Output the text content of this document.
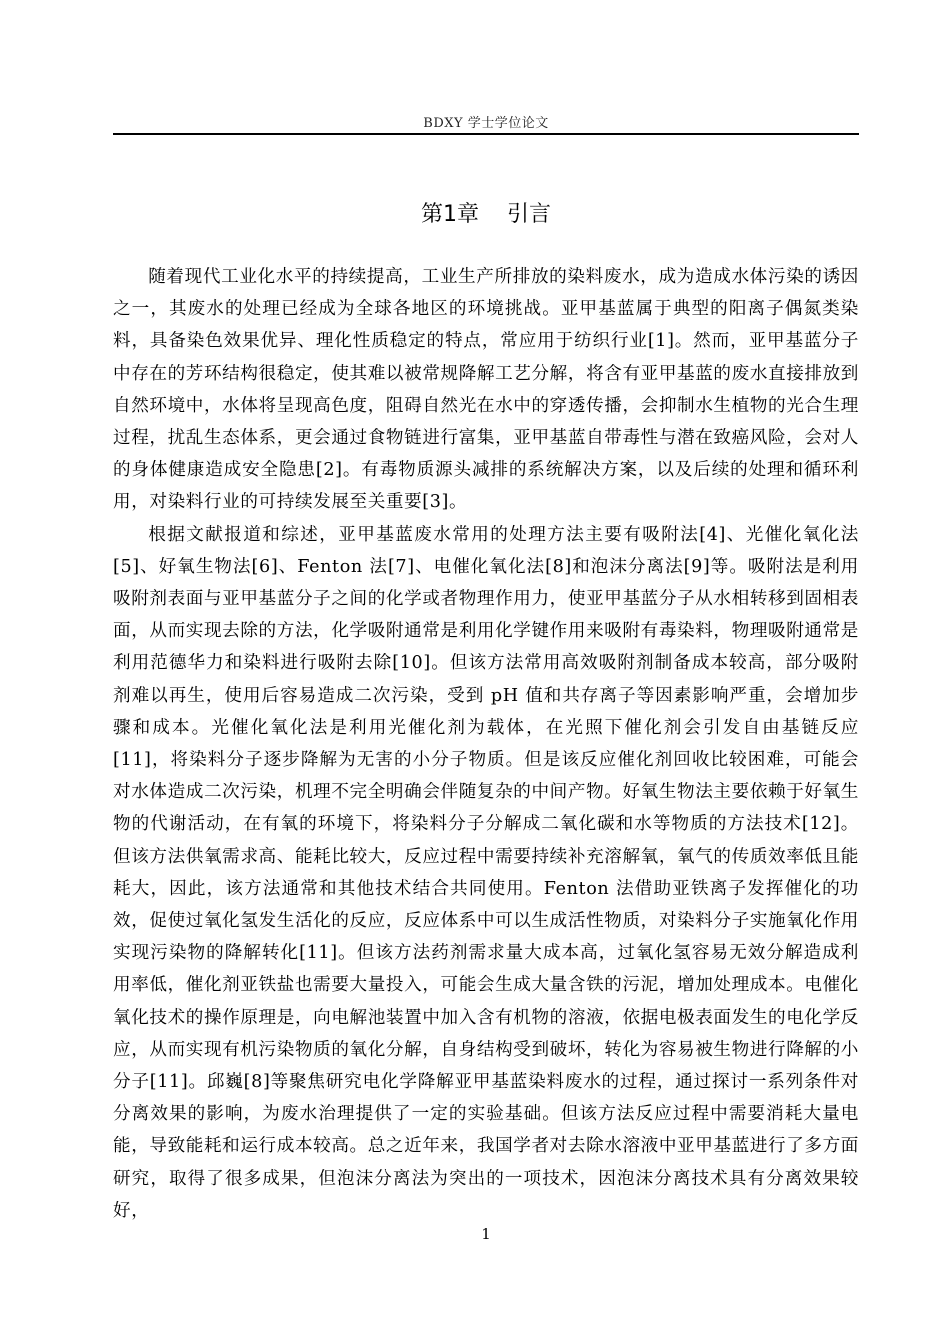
BDXY 学士学位论文
第1章 引言

随着现代工业化水平的持续提高，工业生产所排放的染料废水，成为造成水体污染的诱因之一，其废水的处理已经成为全球各地区的环境挑战。亚甲基蓝属于典型的阳离子偶氮类染料，具备染色效果优异、理化性质稳定的特点，常应用于纺织行业[1]。然而，亚甲基蓝分子中存在的芳环结构很稳定，使其难以被常规降解工艺分解，将含有亚甲基蓝的废水直接排放到自然环境中，水体将呈现高色度，阻碍自然光在水中的穿透传播，会抑制水生植物的光合生理过程，扰乱生态体系，更会通过食物链进行富集，亚甲基蓝自带毒性与潜在致癌风险，会对人的身体健康造成安全隐患[2]。有毒物质源头减排的系统解决方案，以及后续的处理和循环利用，对染料行业的可持续发展至关重要[3]。

根据文献报道和综述，亚甲基蓝废水常用的处理方法主要有吸附法[4]、光催化氧化法[5]、好氧生物法[6]、Fenton 法[7]、电催化氧化法[8]和泡沫分离法[9]等。吸附法是利用吸附剂表面与亚甲基蓝分子之间的化学或者物理作用力，使亚甲基蓝分子从水相转移到固相表面，从而实现去除的方法，化学吸附通常是利用化学键作用来吸附有毒染料，物理吸附通常是利用范德华力和染料进行吸附去除[10]。但该方法常用高效吸附剂制备成本较高，部分吸附剂难以再生，使用后容易造成二次污染，受到 pH 值和共存离子等因素影响严重，会增加步骤和成本。光催化氧化法是利用光催化剂为载体，在光照下催化剂会引发自由基链反应[11]，将染料分子逐步降解为无害的小分子物质。但是该反应催化剂回收比较困难，可能会对水体造成二次污染，机理不完全明确会伴随复杂的中间产物。好氧生物法主要依赖于好氧生物的代谢活动，在有氧的环境下，将染料分子分解成二氧化碳和水等物质的方法技术[12]。但该方法供氧需求高、能耗比较大，反应过程中需要持续补充溶解氧，氧气的传质效率低且能耗大，因此，该方法通常和其他技术结合共同使用。Fenton 法借助亚铁离子发挥催化的功效，促使过氧化氢发生活化的反应，反应体系中可以生成活性物质，对染料分子实施氧化作用实现污染物的降解转化[11]。但该方法药剂需求量大成本高，过氧化氢容易无效分解造成利用率低，催化剂亚铁盐也需要大量投入，可能会生成大量含铁的污泥，增加处理成本。电催化氧化技术的操作原理是，向电解池装置中加入含有机物的溶液，依据电极表面发生的电化学反应，从而实现有机污染物质的氧化分解，自身结构受到破坏，转化为容易被生物进行降解的小分子[11]。邱巍[8]等聚焦研究电化学降解亚甲基蓝染料废水的过程，通过探讨一系列条件对分离效果的影响，为废水治理提供了一定的实验基础。但该方法反应过程中需要消耗大量电能，导致能耗和运行成本较高。总之近年来，我国学者对去除水溶液中亚甲基蓝进行了多方面研究，取得了很多成果，但泡沫分离法为突出的一项技术，因泡沫分离技术具有分离效果较好，

1
